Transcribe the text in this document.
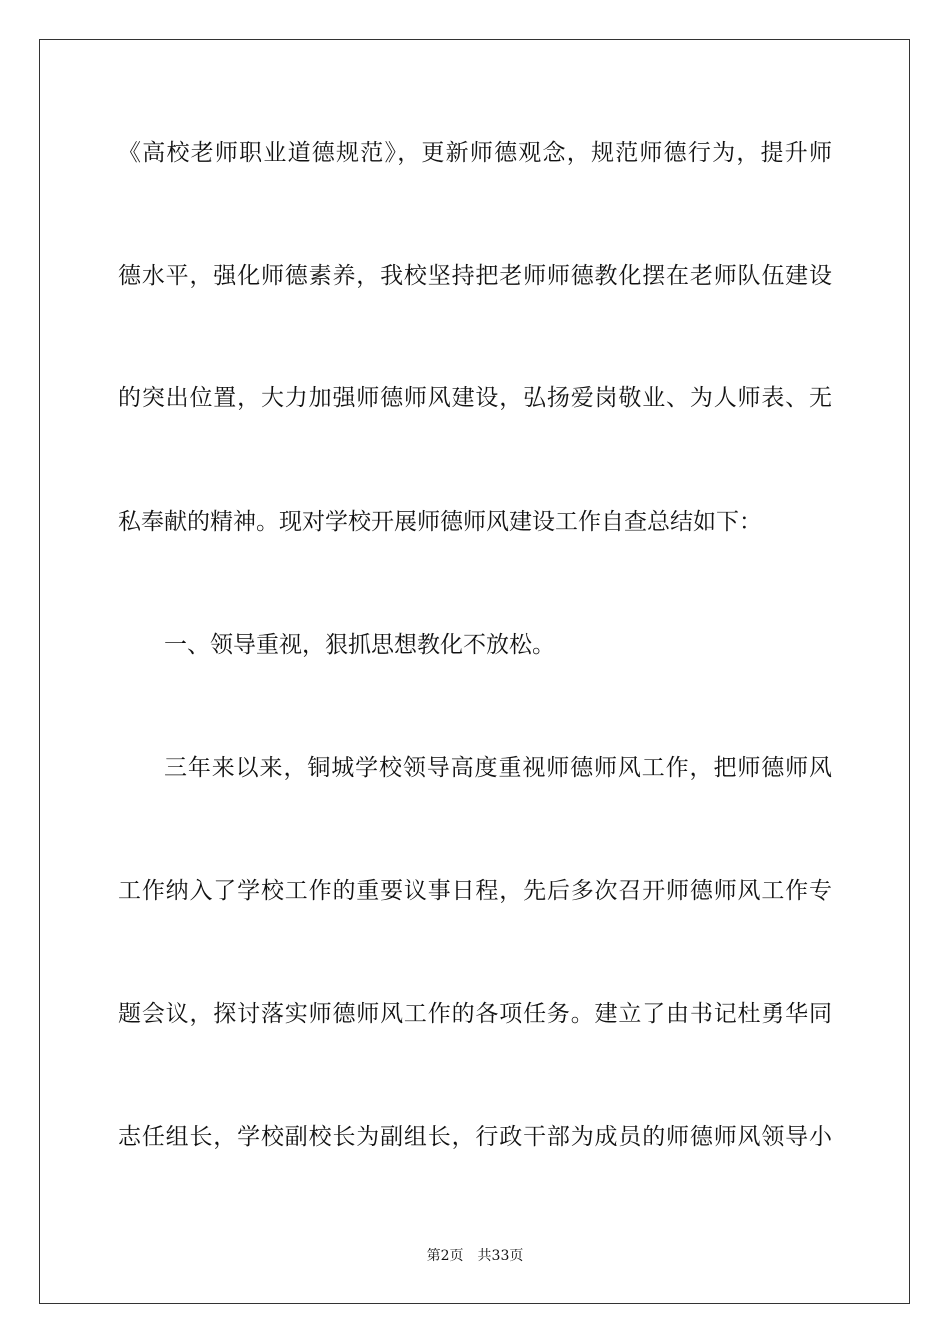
《高校老师职业道德规范》，更新师德观念，规范师德行为，提升师
德水平，强化师德素养，我校坚持把老师师德教化摆在老师队伍建设
的突出位置，大力加强师德师风建设，弘扬爱岗敬业、为人师表、无
私奉献的精神。现对学校开展师德师风建设工作自查总结如下：
一、领导重视，狠抓思想教化不放松。
三年来以来，铜城学校领导高度重视师德师风工作，把师德师风
工作纳入了学校工作的重要议事日程，先后多次召开师德师风工作专
题会议，探讨落实师德师风工作的各项任务。建立了由书记杜勇华同
志任组长，学校副校长为副组长，行政干部为成员的师德师风领导小
第2页 共33页
